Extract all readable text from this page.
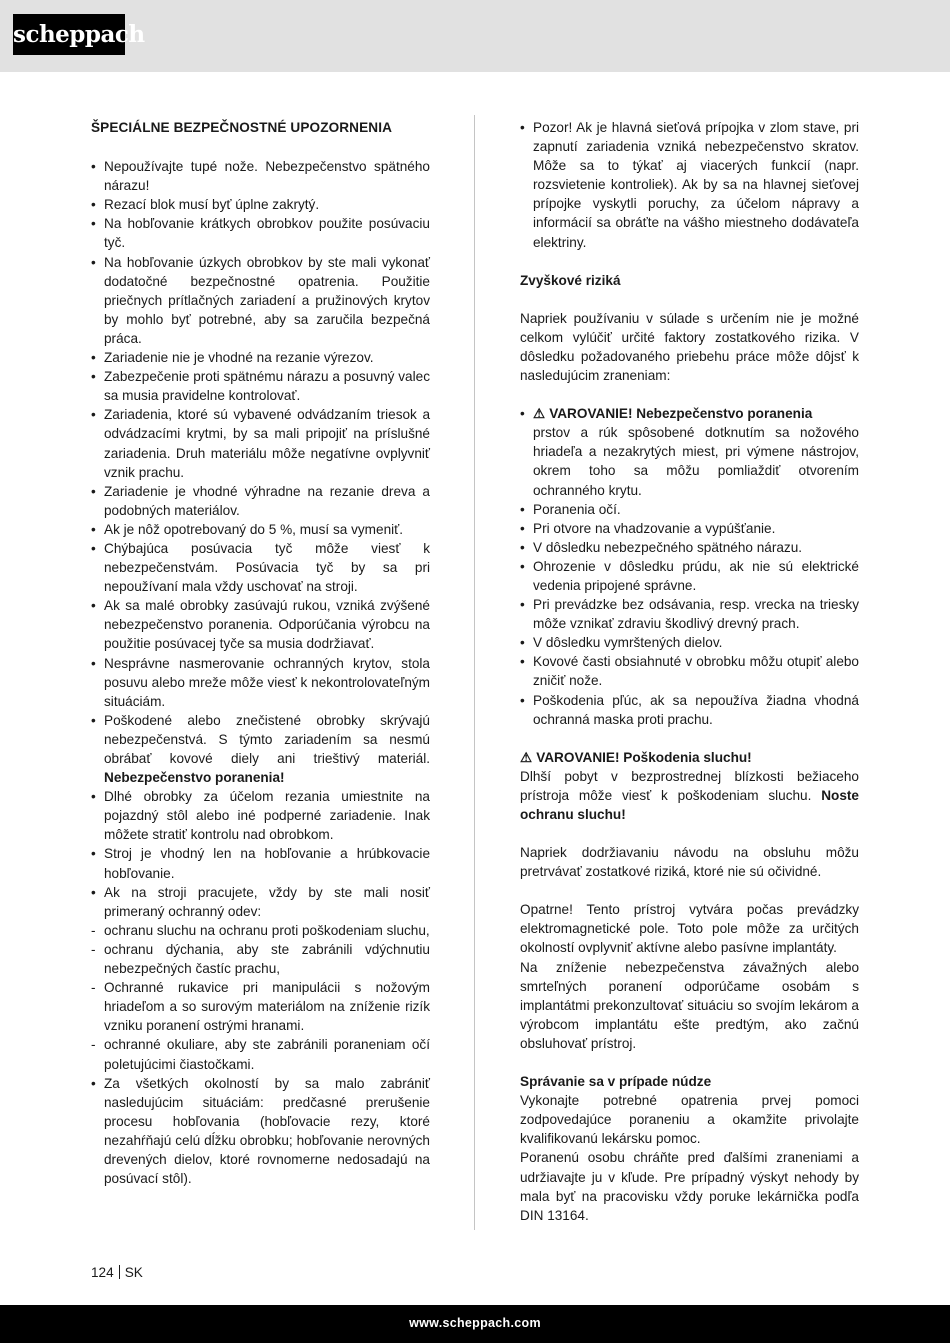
scheppach

ŠPECIÁLNE BEZPEČNOSTNÉ UPOZORNENIA

• Nepoužívajte tupé nože. Nebezpečenstvo spätného nárazu!
• Rezací blok musí byť úplne zakrytý.
• Na hobľovanie krátkych obrobkov použite posúvaciu tyč.
• Na hobľovanie úzkych obrobkov by ste mali vykonať dodatočné bezpečnostné opatrenia. Použitie priečnych prítlačných zariadení a pružinových krytov by mohlo byť potrebné, aby sa zaručila bezpečná práca.
• Zariadenie nie je vhodné na rezanie výrezov.
• Zabezpečenie proti spätnému nárazu a posuvný valec sa musia pravidelne kontrolovať.
• Zariadenia, ktoré sú vybavené odvádzaním triesok a odvádzacími krytmi, by sa mali pripojiť na príslušné zariadenia. Druh materiálu môže negatívne ovplyvniť vznik prachu.
• Zariadenie je vhodné výhradne na rezanie dreva a podobných materiálov.
• Ak je nôž opotrebovaný do 5 %, musí sa vymeniť.
• Chýbajúca posúvacia tyč môže viesť k nebezpečenstvám. Posúvacia tyč by sa pri nepoužívaní mala vždy uschovať na stroji.
• Ak sa malé obrobky zasúvajú rukou, vzniká zvýšené nebezpečenstvo poranenia. Odporúčania výrobcu na použitie posúvacej tyče sa musia dodržiavať.
• Nesprávne nasmerovanie ochranných krytov, stola posuvu alebo mreže môže viesť k nekontrolovateľným situáciám.
• Poškodené alebo znečistené obrobky skrývajú nebezpečenstvá. S týmto zariadením sa nesmú obrábať kovové diely ani trieštivý materiál. Nebezpečenstvo poranenia!
• Dlhé obrobky za účelom rezania umiestnite na pojazdný stôl alebo iné podperné zariadenie. Inak môžete stratiť kontrolu nad obrobkom.
• Stroj je vhodný len na hobľovanie a hrúbkovacie hobľovanie.
• Ak na stroji pracujete, vždy by ste mali nosiť primeraný ochranný odev:
- ochranu sluchu na ochranu proti poškodeniam sluchu,
- ochranu dýchania, aby ste zabránili vdýchnutiu nebezpečných častíc prachu,
- Ochranné rukavice pri manipulácii s nožovým hriadeľom a so surovým materiálom na zníženie rizík vzniku poranení ostrými hranami.
- ochranné okuliare, aby ste zabránili poraneniam očí poletujúcimi čiastočkami.
• Za všetkých okolností by sa malo zabrániť nasledujúcim situáciám: predčasné prerušenie procesu hobľovania (hobľovacie rezy, ktoré nezahŕňajú celú dĺžku obrobku; hobľovanie nerovných drevených dielov, ktoré rovnomerne nedosadajú na posúvací stôl).
• Pozor! Ak je hlavná sieťová prípojka v zlom stave, pri zapnutí zariadenia vzniká nebezpečenstvo skratov. Môže sa to týkať aj viacerých funkcií (napr. rozsvietenie kontroliek). Ak by sa na hlavnej sieťovej prípojke vyskytli poruchy, za účelom nápravy a informácií sa obráťte na vášho miestneho dodávateľa elektriny.

Zvyškové riziká

Napriek používaniu v súlade s určením nie je možné celkom vylúčiť určité faktory zostatkového rizika. V dôsledku požadovaného priebehu práce môže dôjsť k nasledujúcim zraneniam:

• ⚠ VAROVANIE! Nebezpečenstvo poranenia
prstov a rúk spôsobené dotknutím sa nožového hriadeľa a nezakrytých miest, pri výmene nástrojov, okrem toho sa môžu pomliaždiť otvorením ochranného krytu.
• Poranenia očí.
• Pri otvore na vhadzovanie a vypúšťanie.
• V dôsledku nebezpečného spätného nárazu.
• Ohrozenie v dôsledku prúdu, ak nie sú elektrické vedenia pripojené správne.
• Pri prevádzke bez odsávania, resp. vrecka na triesky môže vznikať zdraviu škodlivý drevný prach.
• V dôsledku vymrštených dielov.
• Kovové časti obsiahnuté v obrobku môžu otupiť alebo zničiť nože.
• Poškodenia pľúc, ak sa nepoužíva žiadna vhodná ochranná maska proti prachu.

⚠ VAROVANIE! Poškodenia sluchu!

Dlhší pobyt v bezprostrednej blízkosti bežiaceho prístroja môže viesť k poškodeniam sluchu. Noste ochranu sluchu!

Napriek dodržiavaniu návodu na obsluhu môžu pretrvávať zostatkové riziká, ktoré nie sú očividné.

Opatrne! Tento prístroj vytvára počas prevádzky elektromagnetické pole. Toto pole môže za určitých okolností ovplyvniť aktívne alebo pasívne implantáty.

Na zníženie nebezpečenstva závažných alebo smrteľných poranení odporúčame osobám s implantátmi prekonzultovať situáciu so svojím lekárom a výrobcom implantátu ešte predtým, ako začnú obsluhovať prístroj.

Správanie sa v prípade núdze

Vykonajte potrebné opatrenia prvej pomoci zodpovedajúce poraneniu a okamžite privolajte kvalifikovanú lekársku pomoc.

Poranenú osobu chráňte pred ďalšími zraneniami a udržiavajte ju v kľude. Pre prípadný výskyt nehody by mala byť na pracovisku vždy poruke lekárnička podľa DIN 13164.

124 SK
www.scheppach.com
